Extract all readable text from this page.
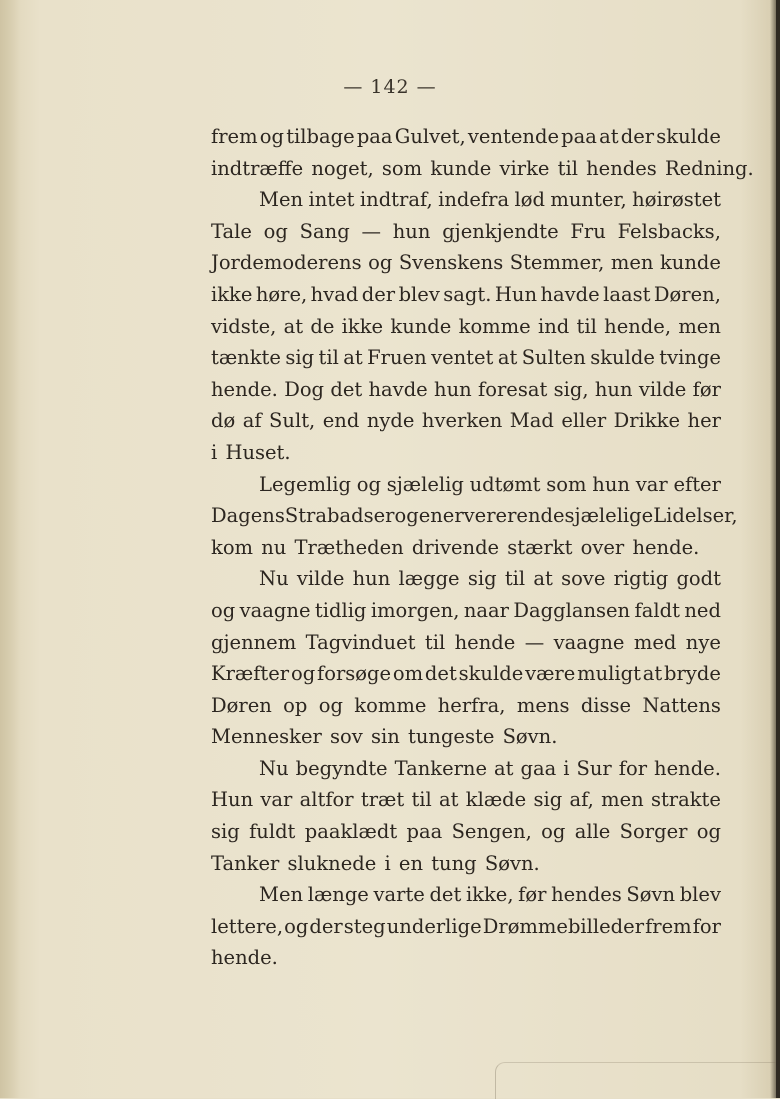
— 142 —
frem og tilbage paa Gulvet, ventende paa at der skulde
indtræffe noget, som kunde virke til hendes Redning.
Men intet indtraf, indefra lød munter, høirøstet
Tale og Sang — hun gjenkjendte Fru Felsbacks,
Jordemoderens og Svenskens Stemmer, men kunde
ikke høre, hvad der blev sagt. Hun havde laast Døren,
vidste, at de ikke kunde komme ind til hende, men
tænkte sig til at Fruen ventet at Sulten skulde tvinge
hende. Dog det havde hun foresat sig, hun vilde før
dø af Sult, end nyde hverken Mad eller Drikke her
i Huset.
Legemlig og sjælelig udtømt som hun var efter
Dagens Strabadser og enervererende sjælelige Lidelser,
kom nu Trætheden drivende stærkt over hende.
Nu vilde hun lægge sig til at sove rigtig godt
og vaagne tidlig imorgen, naar Dagglansen faldt ned
gjennem Tagvinduet til hende — vaagne med nye
Kræfter og forsøge om det skulde være muligt at bryde
Døren op og komme herfra, mens disse Nattens
Mennesker sov sin tungeste Søvn.
Nu begyndte Tankerne at gaa i Sur for hende.
Hun var altfor træt til at klæde sig af, men strakte
sig fuldt paaklædt paa Sengen, og alle Sorger og
Tanker sluknede i en tung Søvn.
Men længe varte det ikke, før hendes Søvn blev
lettere, og der steg underlige Drømmebilleder frem for
hende.
